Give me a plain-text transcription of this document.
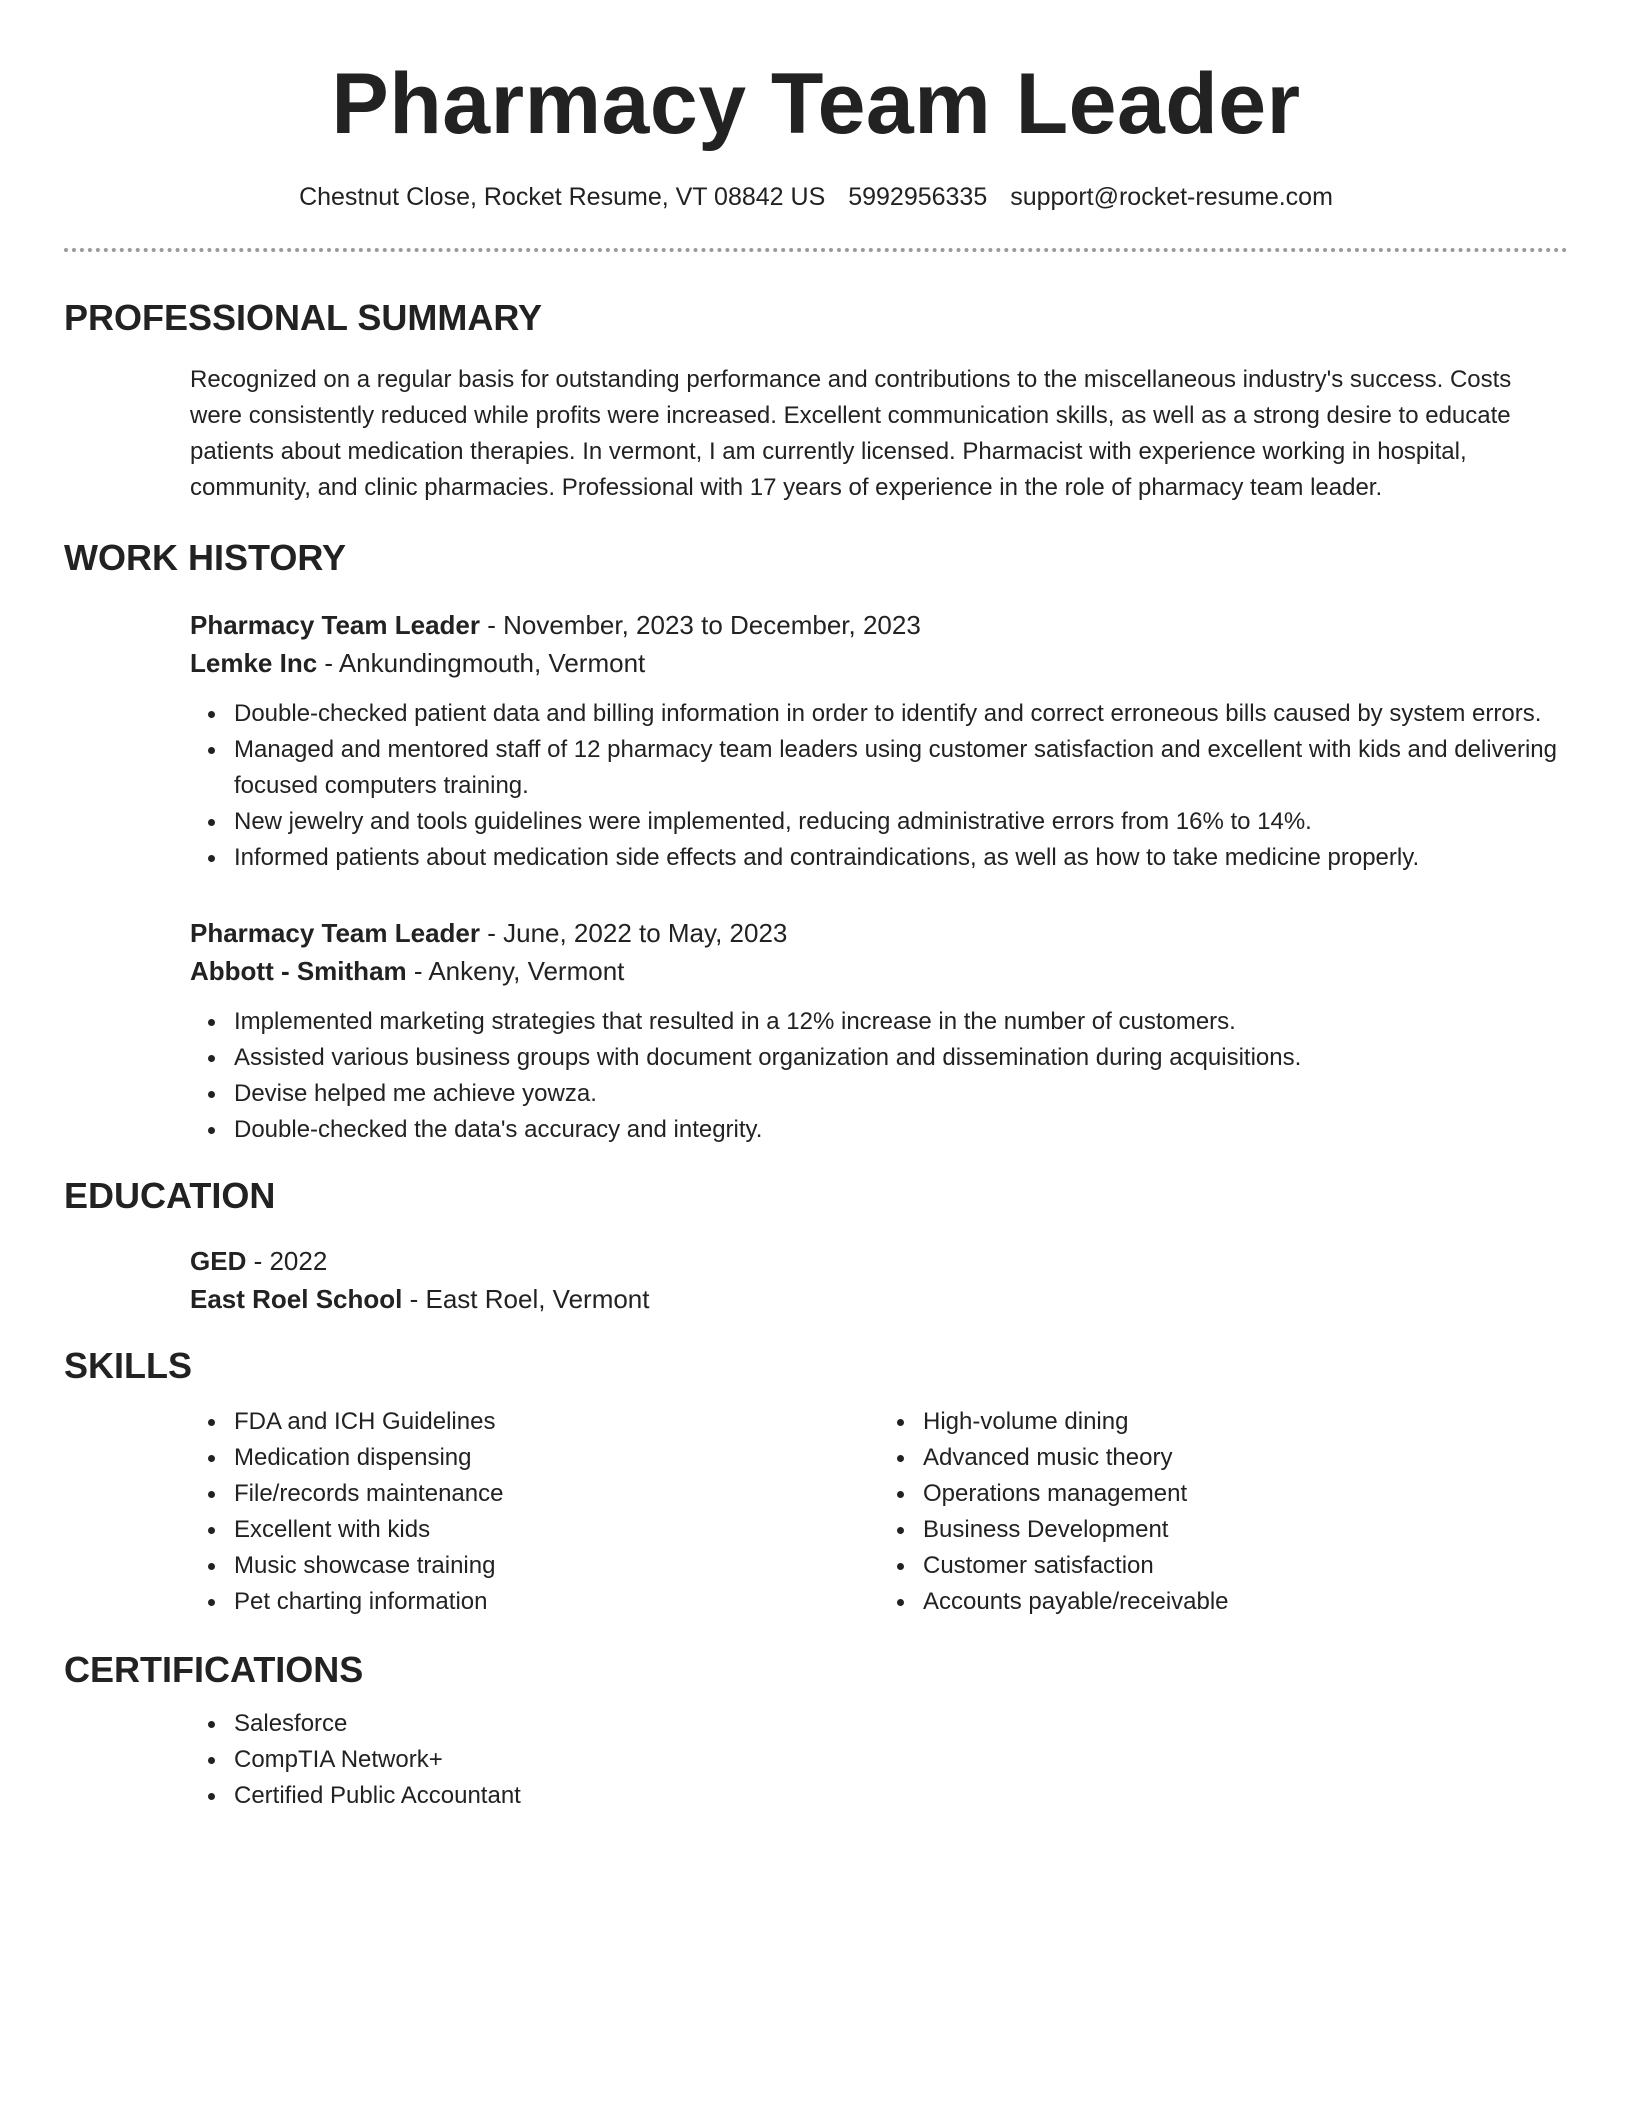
Pharmacy Team Leader
Chestnut Close, Rocket Resume, VT 08842 US 5992956335 support@rocket-resume.com
PROFESSIONAL SUMMARY
Recognized on a regular basis for outstanding performance and contributions to the miscellaneous industry's success. Costs were consistently reduced while profits were increased. Excellent communication skills, as well as a strong desire to educate patients about medication therapies. In vermont, I am currently licensed. Pharmacist with experience working in hospital, community, and clinic pharmacies. Professional with 17 years of experience in the role of pharmacy team leader.
WORK HISTORY
Pharmacy Team Leader - November, 2023 to December, 2023
Lemke Inc - Ankundingmouth, Vermont
Double-checked patient data and billing information in order to identify and correct erroneous bills caused by system errors.
Managed and mentored staff of 12 pharmacy team leaders using customer satisfaction and excellent with kids and delivering focused computers training.
New jewelry and tools guidelines were implemented, reducing administrative errors from 16% to 14%.
Informed patients about medication side effects and contraindications, as well as how to take medicine properly.
Pharmacy Team Leader - June, 2022 to May, 2023
Abbott - Smitham - Ankeny, Vermont
Implemented marketing strategies that resulted in a 12% increase in the number of customers.
Assisted various business groups with document organization and dissemination during acquisitions.
Devise helped me achieve yowza.
Double-checked the data's accuracy and integrity.
EDUCATION
GED - 2022
East Roel School - East Roel, Vermont
SKILLS
FDA and ICH Guidelines
Medication dispensing
File/records maintenance
Excellent with kids
Music showcase training
Pet charting information
High-volume dining
Advanced music theory
Operations management
Business Development
Customer satisfaction
Accounts payable/receivable
CERTIFICATIONS
Salesforce
CompTIA Network+
Certified Public Accountant
